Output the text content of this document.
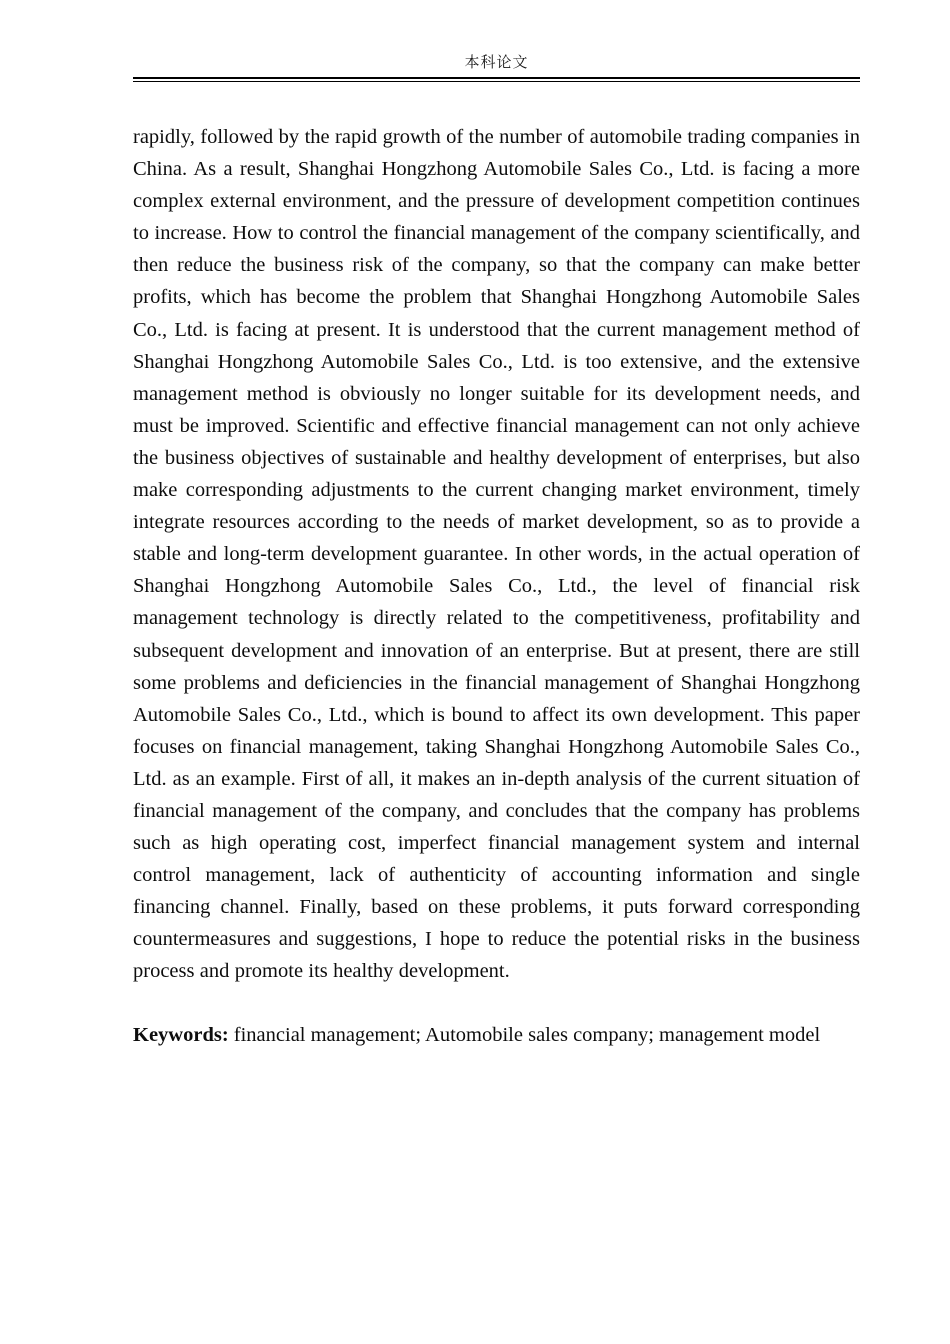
本科论文

rapidly, followed by the rapid growth of the number of automobile trading companies in China. As a result, Shanghai Hongzhong Automobile Sales Co., Ltd. is facing a more complex external environment, and the pressure of development competition continues to increase. How to control the financial management of the company scientifically, and then reduce the business risk of the company, so that the company can make better profits, which has become the problem that Shanghai Hongzhong Automobile Sales Co., Ltd. is facing at present. It is understood that the current management method of Shanghai Hongzhong Automobile Sales Co., Ltd. is too extensive, and the extensive management method is obviously no longer suitable for its development needs, and must be improved. Scientific and effective financial management can not only achieve the business objectives of sustainable and healthy development of enterprises, but also make corresponding adjustments to the current changing market environment, timely integrate resources according to the needs of market development, so as to provide a stable and long-term development guarantee. In other words, in the actual operation of Shanghai Hongzhong Automobile Sales Co., Ltd., the level of financial risk management technology is directly related to the competitiveness, profitability and subsequent development and innovation of an enterprise. But at present, there are still some problems and deficiencies in the financial management of Shanghai Hongzhong Automobile Sales Co., Ltd., which is bound to affect its own development. This paper focuses on financial management, taking Shanghai Hongzhong Automobile Sales Co., Ltd. as an example. First of all, it makes an in-depth analysis of the current situation of financial management of the company, and concludes that the company has problems such as high operating cost, imperfect financial management system and internal control management, lack of authenticity of accounting information and single financing channel. Finally, based on these problems, it puts forward corresponding countermeasures and suggestions, I hope to reduce the potential risks in the business process and promote its healthy development.

Keywords: financial management; Automobile sales company; management model
